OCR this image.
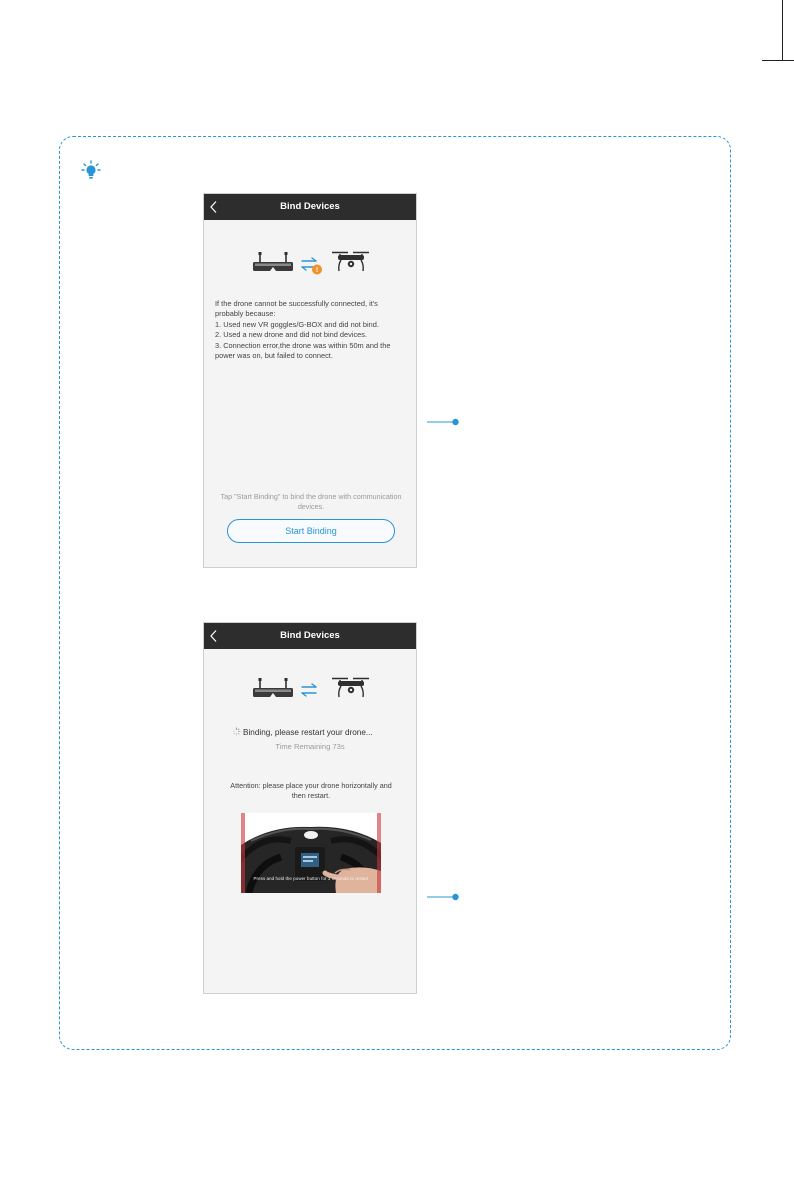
Bind Devices
!
If the drone cannot be successfully connected, it's
probably because:
1. Used new VR goggles/G-BOX and did not bind.
2. Used a new drone and did not bind devices.
3. Connection error,the drone was within 50m and the
power was on, but failed to connect.
Tap "Start Binding" to bind the drone with communication
devices.
Start Binding
Bind Devices
Binding, please restart your drone...
Time Remaining 73s
Attention: please place your drone horizontally and
then restart.
Press and hold the power button for 3 seconds to restart
